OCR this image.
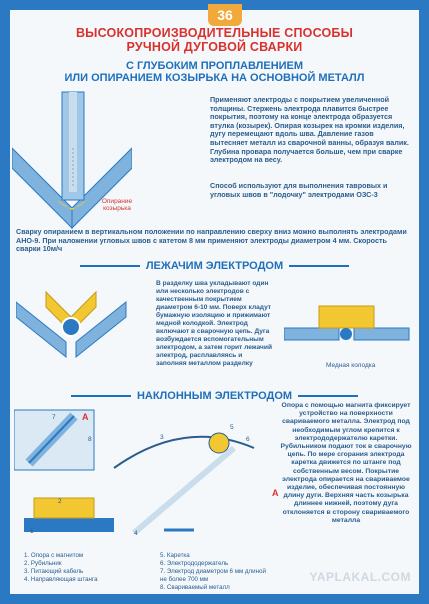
36
ВЫСОКОПРОИЗВОДИТЕЛЬНЫЕ СПОСОБЫ
РУЧНОЙ ДУГОВОЙ СВАРКИ
С ГЛУБОКИМ ПРОПЛАВЛЕНИЕМ
ИЛИ ОПИРАНИЕМ КОЗЫРЬКА НА ОСНОВНОЙ МЕТАЛЛ
Опирание козырька
Применяют электроды с покрытием увеличенной толщины. Стержень электрода плавится быстрее покрытия, поэтому на конце электрода образуется втулка (козырек). Опирая козырек на кромки изделия, дугу перемещают вдоль шва. Давление газов вытесняет металл из сварочной ванны, образуя валик. Глубина провара получается больше, чем при сварке электродом на весу.
Способ используют для выполнения тавровых и угловых швов в "лодочку" электродами ОЗС-3
Сварку опиранием в вертикальном положении по направлению сверху вниз можно выполнять электродами АНО-9. При наложении угловых швов с катетом 8 мм применяют электроды диаметром 4 мм. Скорость сварки 10м/ч
ЛЕЖАЧИМ ЭЛЕКТРОДОМ
В разделку шва укладывают один или несколько электродов с качественным покрытием диаметром 6-10 мм. Поверх кладут бумажную изоляцию и прижимают медной колодкой. Электрод включают в сварочную цепь. Дуга возбуждается вспомогательным электродом, а затем горит лежачий электрод, расплавляясь и заполняя металлом разделку	Медная колодка
НАКЛОННЫМ ЭЛЕКТРОДОМ
А
А
7
8	3
5
6
2
1	4
Опора с помощью магнита фиксирует устройство на поверхности свариваемого металла. Электрод под необходимым углом крепится к электрододержателю каретки. Рубильником подают ток в сварочную цепь. По мере сгорания электрода каретка движется по штанге под собственным весом. Покрытие электрода опирается на свариваемое изделие, обеспечивая постоянную длину дуги. Верхняя часть козырька длиннее нижней, поэтому дуга отклоняется в сторону свариваемого металла
1. Опора с магнитом
2. Рубильник
3. Питающий кабель
4. Направляющая штанга
5. Каретка
6. Электрододержатель
7. Электрод диаметром 6 мм длиной не более 700 мм
8. Свариваемый металл
YAPLAKAL.COM
